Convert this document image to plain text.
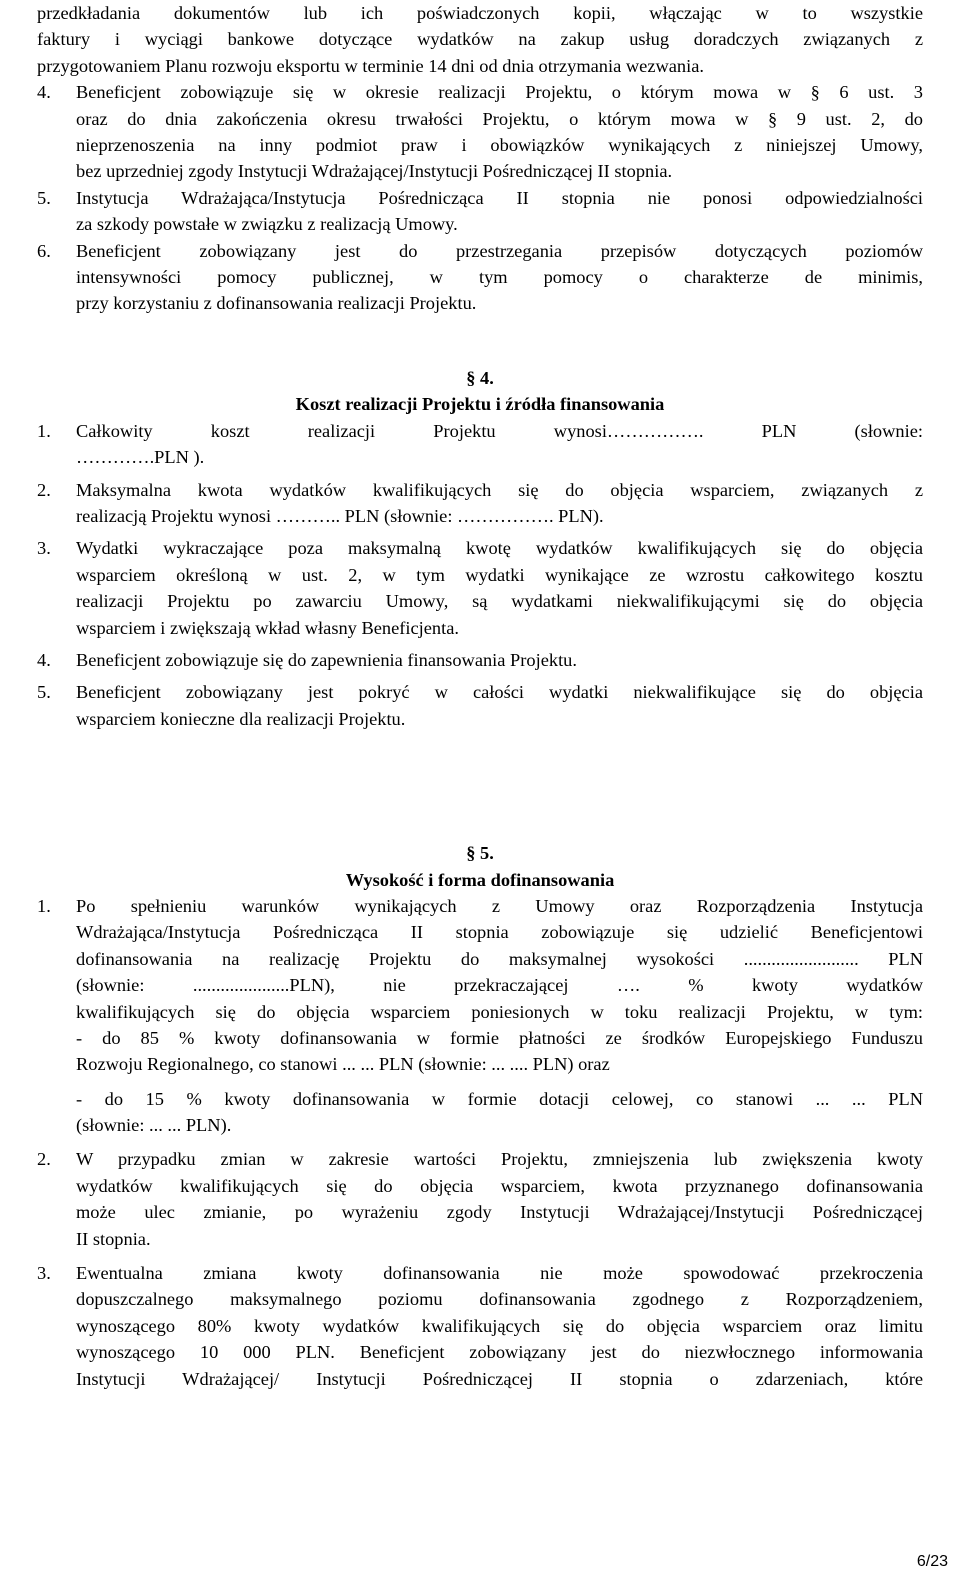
przedkładania dokumentów lub ich poświadczonych kopii, włączając w to wszystkie
faktury i wyciągi bankowe dotyczące wydatków na zakup usług doradczych związanych z
przygotowaniem Planu rozwoju eksportu w terminie 14 dni od dnia otrzymania wezwania.
4. Beneficjent zobowiązuje się w okresie realizacji Projektu, o którym mowa w § 6 ust. 3
oraz do dnia zakończenia okresu trwałości Projektu, o którym mowa w § 9 ust. 2, do
nieprzenoszenia na inny podmiot praw i obowiązków wynikających z niniejszej Umowy,
bez uprzedniej zgody Instytucji Wdrażającej/Instytucji Pośredniczącej II stopnia.
5. Instytucja Wdrażająca/Instytucja Pośrednicząca II stopnia nie ponosi odpowiedzialności
za szkody powstałe w związku z realizacją Umowy.
6. Beneficjent zobowiązany jest do przestrzegania przepisów dotyczących poziomów
intensywności pomocy publicznej, w tym pomocy o charakterze de minimis,
przy korzystaniu z dofinansowania realizacji Projektu.
§ 4.
Koszt realizacji Projektu i źródła finansowania
1. Całkowity koszt realizacji Projektu wynosi……………. PLN (słownie:
………….PLN ).
2. Maksymalna kwota wydatków kwalifikujących się do objęcia wsparciem, związanych z
realizacją Projektu wynosi ……….. PLN (słownie: ……………. PLN).
3. Wydatki wykraczające poza maksymalną kwotę wydatków kwalifikujących się do objęcia
wsparciem określoną w ust. 2, w tym wydatki wynikające ze wzrostu całkowitego kosztu
realizacji Projektu po zawarciu Umowy, są wydatkami niekwalifikującymi się do objęcia
wsparciem i zwiększają wkład własny Beneficjenta.
4. Beneficjent zobowiązuje się do zapewnienia finansowania Projektu.
5. Beneficjent zobowiązany jest pokryć w całości wydatki niekwalifikujące się do objęcia
wsparciem konieczne dla realizacji Projektu.
§ 5.
Wysokość i forma dofinansowania
1. Po spełnieniu warunków wynikających z Umowy oraz Rozporządzenia Instytucja
Wdrażająca/Instytucja Pośrednicząca II stopnia zobowiązuje się udzielić Beneficjentowi
dofinansowania na realizację Projektu do maksymalnej wysokości ......................... PLN
(słownie: .....................PLN), nie przekraczającej …. % kwoty wydatków
kwalifikujących się do objęcia wsparciem poniesionych w toku realizacji Projektu, w tym:
- do 85 % kwoty dofinansowania w formie płatności ze środków Europejskiego Funduszu
Rozwoju Regionalnego, co stanowi ... ... PLN (słownie: ... .... PLN) oraz
- do 15 % kwoty dofinansowania w formie dotacji celowej, co stanowi ... ... PLN
(słownie: ... ... PLN).
2. W przypadku zmian w zakresie wartości Projektu, zmniejszenia lub zwiększenia kwoty
wydatków kwalifikujących się do objęcia wsparciem, kwota przyznanego dofinansowania
może ulec zmianie, po wyrażeniu zgody Instytucji Wdrażającej/Instytucji Pośredniczącej
II stopnia.
3. Ewentualna zmiana kwoty dofinansowania nie może spowodować przekroczenia
dopuszczalnego maksymalnego poziomu dofinansowania zgodnego z Rozporządzeniem,
wynoszącego 80% kwoty wydatków kwalifikujących się do objęcia wsparciem oraz limitu
wynoszącego 10 000 PLN. Beneficjent zobowiązany jest do niezwłocznego informowania
Instytucji Wdrażającej/ Instytucji Pośredniczącej II stopnia o zdarzeniach, które
6/23
